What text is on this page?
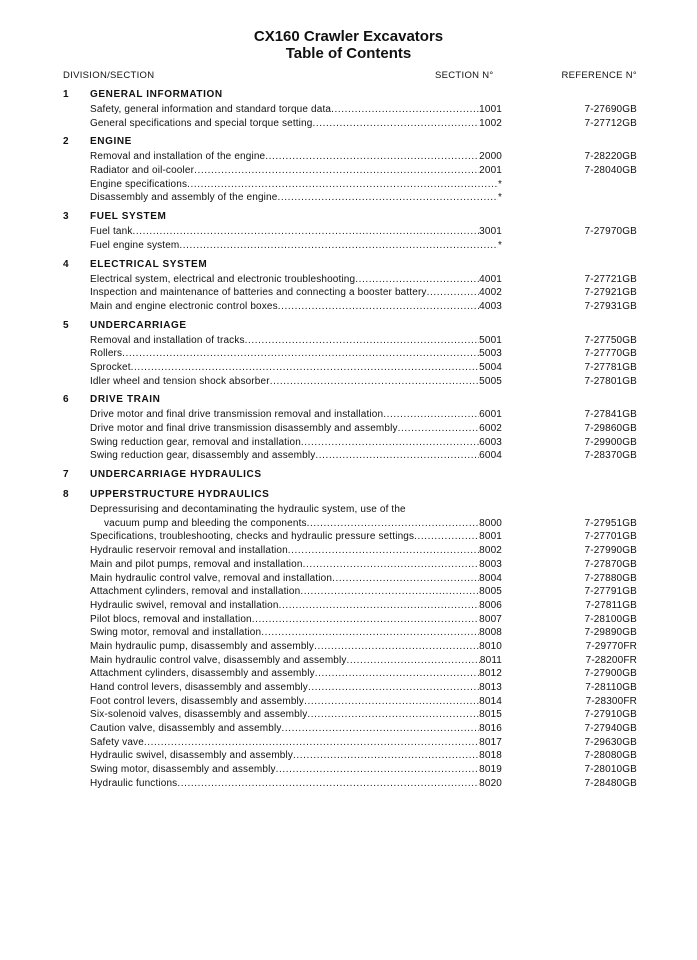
CX160 Crawler Excavators
Table of Contents
DIVISION/SECTION	SECTION N°	REFERENCE N°
1 GENERAL INFORMATION
Safety, general information and standard torque data .....	1001	7-27690GB
General specifications and special torque setting .....	1002	7-27712GB
2 ENGINE
Removal and installation of the engine .....	2000	7-28220GB
Radiator and oil-cooler .....	2001	7-28040GB
Engine specifications .....	*
Disassembly and assembly of the engine .....	*
3 FUEL SYSTEM
Fuel tank .....	3001	7-27970GB
Fuel engine system .....	*
4 ELECTRICAL SYSTEM
Electrical system, electrical and electronic troubleshooting .....	4001	7-27721GB
Inspection and maintenance of batteries and connecting a booster battery .....	4002	7-27921GB
Main and engine electronic control boxes .....	4003	7-27931GB
5 UNDERCARRIAGE
Removal and installation of tracks .....	5001	7-27750GB
Rollers .....	5003	7-27770GB
Sprocket .....	5004	7-27781GB
Idler wheel and tension shock absorber .....	5005	7-27801GB
6 DRIVE TRAIN
Drive motor and final drive transmission removal and installation .....	6001	7-27841GB
Drive motor and final drive transmission disassembly and assembly .....	6002	7-29860GB
Swing reduction gear, removal and installation .....	6003	7-29900GB
Swing reduction gear, disassembly and assembly .....	6004	7-28370GB
7 UNDERCARRIAGE HYDRAULICS
8 UPPERSTRUCTURE HYDRAULICS
Depressurising and decontaminating the hydraulic system, use of the
vacuum pump and bleeding the components .....	8000	7-27951GB
Specifications, troubleshooting, checks and hydraulic pressure settings .....	8001	7-27701GB
Hydraulic reservoir removal and installation .....	8002	7-27990GB
Main and pilot pumps, removal and installation .....	8003	7-27870GB
Main hydraulic control valve, removal and installation .....	8004	7-27880GB
Attachment cylinders, removal and installation .....	8005	7-27791GB
Hydraulic swivel, removal and installation .....	8006	7-27811GB
Pilot blocs, removal and installation .....	8007	7-28100GB
Swing motor, removal and installation .....	8008	7-29890GB
Main hydraulic pump, disassembly and assembly .....	8010	7-29770FR
Main hydraulic control valve, disassembly and assembly .....	8011	7-28200FR
Attachment cylinders, disassembly and assembly .....	8012	7-27900GB
Hand control levers, disassembly and assembly .....	8013	7-28110GB
Foot control levers, disassembly and assembly .....	8014	7-28300FR
Six-solenoid valves, disassembly and assembly .....	8015	7-27910GB
Caution valve, disassembly and assembly .....	8016	7-27940GB
Safety vave .....	8017	7-29630GB
Hydraulic swivel, disassembly and assembly .....	8018	7-28080GB
Swing motor, disassembly and assembly .....	8019	7-28010GB
Hydraulic functions .....	8020	7-28480GB
